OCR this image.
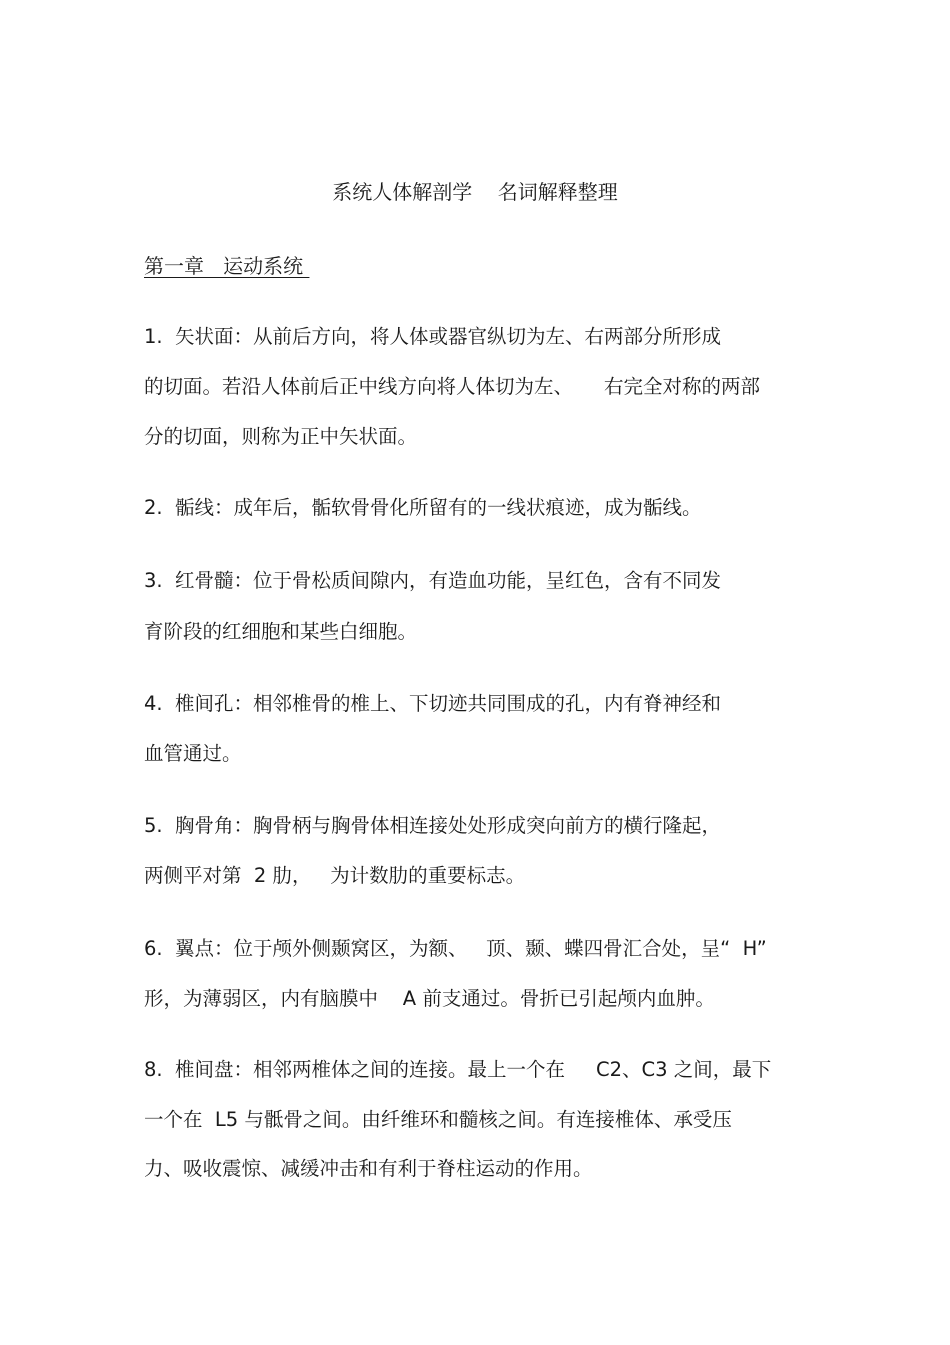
系统人体解剖学    名词解释整理
第一章   运动系统
1.  矢状面：从前后方向，将人体或器官纵切为左、右两部分所形成
的切面。若沿人体前后正中线方向将人体切为左、     右完全对称的两部
分的切面，则称为正中矢状面。
2.  骺线：成年后，骺软骨骨化所留有的一线状痕迹，成为骺线。
3.  红骨髓：位于骨松质间隙内，有造血功能，呈红色，含有不同发
育阶段的红细胞和某些白细胞。
4.  椎间孔：相邻椎骨的椎上、下切迹共同围成的孔，内有脊神经和
血管通过。
5.  胸骨角：胸骨柄与胸骨体相连接处处形成突向前方的横行隆起，
两侧平对第  2 肋，   为计数肋的重要标志。
6.  翼点：位于颅外侧颞窝区，为额、   顶、颞、蝶四骨汇合处，呈“  H”
形，为薄弱区，内有脑膜中    A 前支通过。骨折已引起颅内血肿。
8.  椎间盘：相邻两椎体之间的连接。最上一个在     C2、C3 之间，最下
一个在  L5 与骶骨之间。由纤维环和髓核之间。有连接椎体、承受压
力、吸收震惊、减缓冲击和有利于脊柱运动的作用。
